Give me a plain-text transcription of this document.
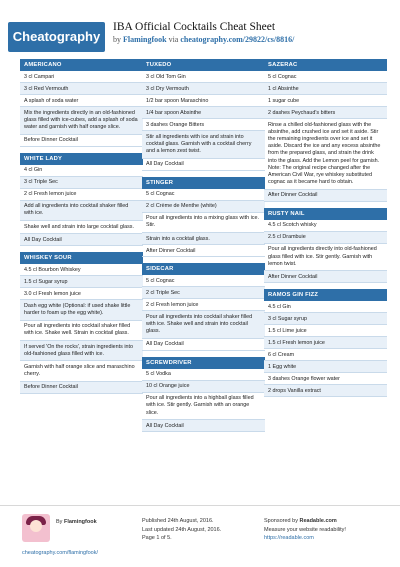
Cheatography
IBA Official Cocktails Cheat Sheet
by Flamingfook via cheatography.com/29822/cs/8816/
AMERICANO
3 cl Campari
3 cl Red Vermouth
A splash of soda water
Mix the ingredients directly in an old-fashioned glass filled with ice-cubes, add a splash of soda water and garnish with half orange slice.
Before Dinner Cocktail
WHITE LADY
4 cl Gin
3 cl Triple Sec
2 cl Fresh lemon juice
Add all ingredients into cocktail shaker filled with ice.
Shake well and strain into large cocktail glass.
All Day Cocktail
WHISKEY SOUR
4.5 cl Bourbon Whiskey
1.5 cl Sugar syrup
3.0 cl Fresh lemon juice
Dash egg white (Optional: if used shake little harder to foam up the egg white).
Pour all ingredients into cocktail shaker filled with ice. Shake well. Strain in cocktail glass.
If served 'On the rocks', strain ingredients into old-fashioned glass filled with ice.
Garnish with half orange slice and maraschino cherry.
Before Dinner Cocktail
TUXEDO
3 cl Old Tom Gin
3 cl Dry Vermouth
1/2 bar spoon Maraschino
1/4 bar spoon Absinthe
3 dashes Orange Bitters
Stir all ingredients with ice and strain into cocktail glass. Garnish with a cocktail cherry and a lemon zest twist.
All Day Cocktail
STINGER
5 cl Cognac
2 cl Crème de Menthe (white)
Pour all ingredients into a mixing glass with ice. Stir.
Strain into a cocktail glass.
After Dinner Cocktail
SIDECAR
5 cl Cognac
2 cl Triple Sec
2 cl Fresh lemon juice
Pour all ingredients into cocktail shaker filled with ice. Shake well and strain into cocktail glass.
All Day Cocktail
SCREWDRIVER
5 cl Vodka
10 cl Orange juice
Pour all ingredients into a highball glass filled with ice. Stir gently. Garnish with an orange slice.
All Day Cocktail
SAZERAC
5 cl Cognac
1 cl Absinthe
1 sugar cube
2 dashes Peychaud's bitters
Rinse a chilled old-fashioned glass with the absinthe, add crushed ice and set it aside. Stir the remaining ingredients over ice and set it aside. Discard the ice and any excess absinthe from the prepared glass, and strain the drink into the glass. Add the Lemon peel for garnish. Note: The original recipe changed after the American Civil War, rye whiskey substituted cognac as it became hard to obtain.
After Dinner Cocktail
RUSTY NAIL
4.5 cl Scotch whisky
2.5 cl Drambuie
Pour all ingredients directly into old-fashioned glass filled with ice. Stir gently. Garnish with lemon twist.
After Dinner Cocktail
RAMOS GIN FIZZ
4.5 cl Gin
3 cl Sugar syrup
1.5 cl Lime juice
1.5 cl Fresh lemon juice
6 cl Cream
1 Egg white
3 dashes Orange flower water
2 drops Vanilla extract
By Flamingfook
cheatography.com/flamingfook/
Published 24th August, 2016.
Last updated 24th August, 2016.
Page 1 of 5.
Sponsored by Readable.com
Measure your website readability!
https://readable.com
